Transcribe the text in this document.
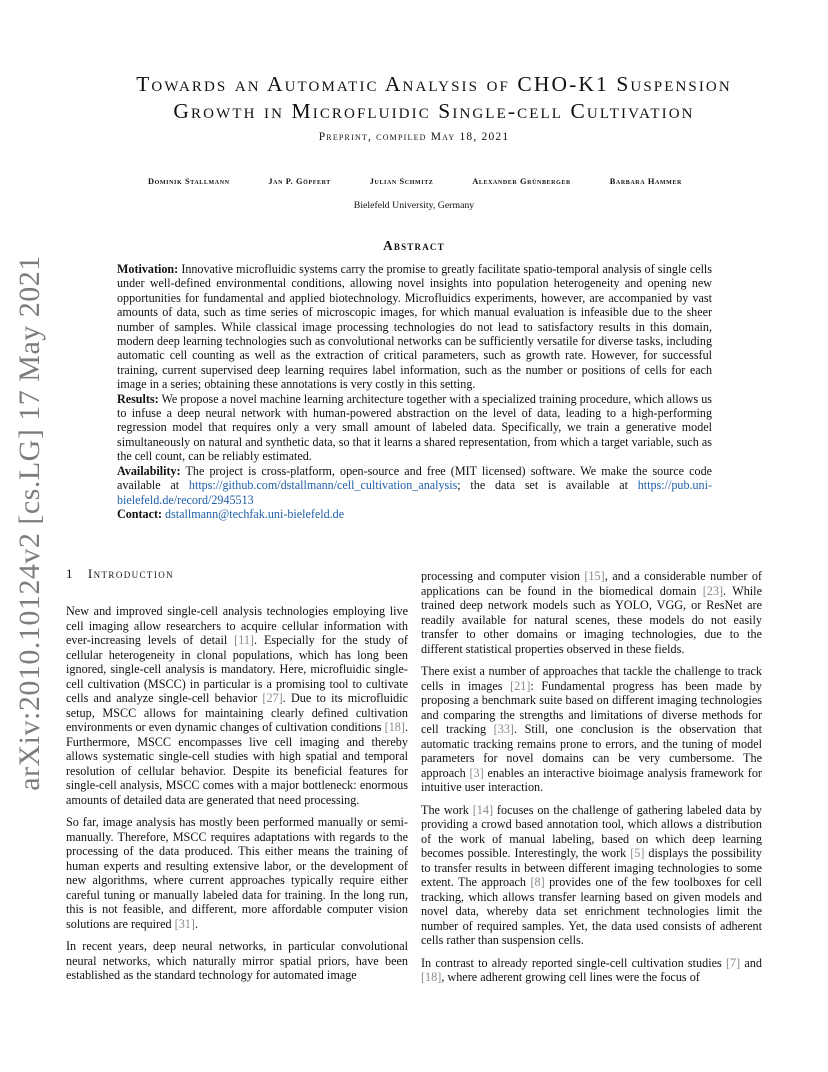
arXiv:2010.10124v2 [cs.LG] 17 May 2021
Towards an Automatic Analysis of CHO-K1 Suspension
Growth in Microfluidic Single-cell Cultivation
Preprint, compiled May 18, 2021
Dominik Stallmann	Jan P. Göpfert	Julian Schmitz	Alexander Grünberger	Barbara Hammer
Bielefeld University, Germany
Abstract

Motivation: Innovative microfluidic systems carry the promise to greatly facilitate spatio-temporal analysis of single cells under well-defined environmental conditions, allowing novel insights into population heterogeneity and opening new opportunities for fundamental and applied biotechnology. Microfluidics experiments, however, are accompanied by vast amounts of data, such as time series of microscopic images, for which manual evaluation is infeasible due to the sheer number of samples. While classical image processing technologies do not lead to satisfactory results in this domain, modern deep learning technologies such as convolutional networks can be sufficiently versatile for diverse tasks, including automatic cell counting as well as the extraction of critical parameters, such as growth rate. However, for successful training, current supervised deep learning requires label information, such as the number or positions of cells for each image in a series; obtaining these annotations is very costly in this setting.

Results: We propose a novel machine learning architecture together with a specialized training procedure, which allows us to infuse a deep neural network with human-powered abstraction on the level of data, leading to a high-performing regression model that requires only a very small amount of labeled data. Specifically, we train a generative model simultaneously on natural and synthetic data, so that it learns a shared representation, from which a target variable, such as the cell count, can be reliably estimated.

Availability: The project is cross-platform, open-source and free (MIT licensed) software. We make the source code available at https://github.com/dstallmann/cell_cultivation_analysis; the data set is available at https://pub.uni-bielefeld.de/record/2945513

Contact: dstallmann@techfak.uni-bielefeld.de

1 Introduction

New and improved single-cell analysis technologies employing live cell imaging allow researchers to acquire cellular information with ever-increasing levels of detail [11]. Especially for the study of cellular heterogeneity in clonal populations, which has long been ignored, single-cell analysis is mandatory. Here, microfluidic single-cell cultivation (MSCC) in particular is a promising tool to cultivate cells and analyze single-cell behavior [27]. Due to its microfluidic setup, MSCC allows for maintaining clearly defined cultivation environments or even dynamic changes of cultivation conditions [18]. Furthermore, MSCC encompasses live cell imaging and thereby allows systematic single-cell studies with high spatial and temporal resolution of cellular behavior. Despite its beneficial features for single-cell analysis, MSCC comes with a major bottleneck: enormous amounts of detailed data are generated that need processing.

So far, image analysis has mostly been performed manually or semi-manually. Therefore, MSCC requires adaptations with regards to the processing of the data produced. This either means the training of human experts and resulting extensive labor, or the development of new algorithms, where current approaches typically require either careful tuning or manually labeled data for training. In the long run, this is not feasible, and different, more affordable computer vision solutions are required [31].

In recent years, deep neural networks, in particular convolutional neural networks, which naturally mirror spatial priors, have been established as the standard technology for automated image

processing and computer vision [15], and a considerable number of applications can be found in the biomedical domain [23]. While trained deep network models such as YOLO, VGG, or ResNet are readily available for natural scenes, these models do not easily transfer to other domains or imaging technologies, due to the different statistical properties observed in these fields.

There exist a number of approaches that tackle the challenge to track cells in images [21]: Fundamental progress has been made by proposing a benchmark suite based on different imaging technologies and comparing the strengths and limitations of diverse methods for cell tracking [33]. Still, one conclusion is the observation that automatic tracking remains prone to errors, and the tuning of model parameters for novel domains can be very cumbersome. The approach [3] enables an interactive bioimage analysis framework for intuitive user interaction.

The work [14] focuses on the challenge of gathering labeled data by providing a crowd based annotation tool, which allows a distribution of the work of manual labeling, based on which deep learning becomes possible. Interestingly, the work [5] displays the possibility to transfer results in between different imaging technologies to some extent. The approach [8] provides one of the few toolboxes for cell tracking, which allows transfer learning based on given models and novel data, whereby data set enrichment technologies limit the number of required samples. Yet, the data used consists of adherent cells rather than suspension cells.

In contrast to already reported single-cell cultivation studies [7] and [18], where adherent growing cell lines were the focus of
